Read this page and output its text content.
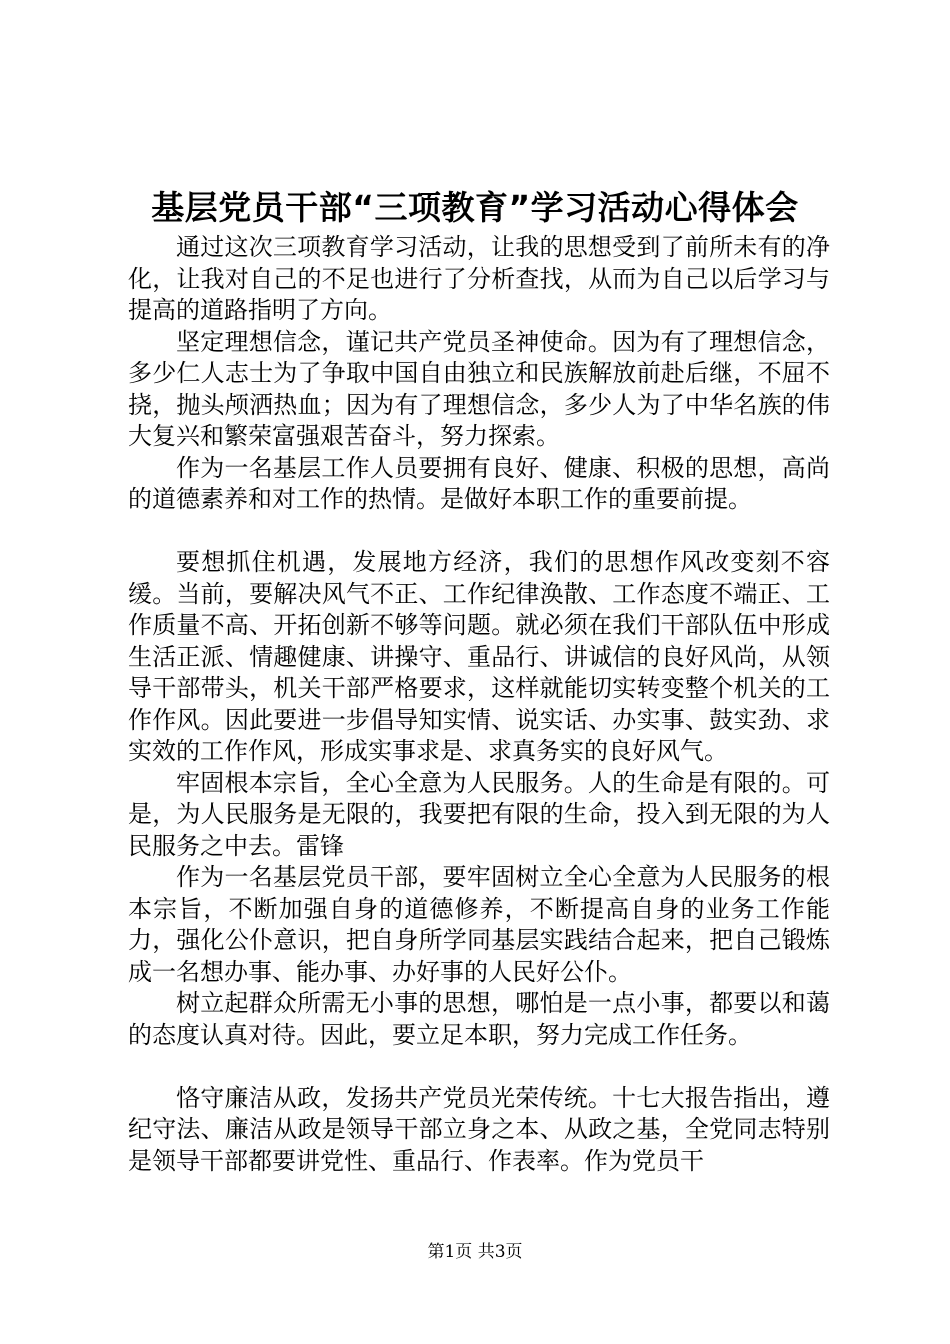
基层党员干部“三项教育”学习活动心得体会

通过这次三项教育学习活动，让我的思想受到了前所未有的净化，让我对自己的不足也进行了分析查找，从而为自己以后学习与提高的道路指明了方向。

坚定理想信念，谨记共产党员圣神使命。因为有了理想信念，多少仁人志士为了争取中国自由独立和民族解放前赴后继，不屈不挠，抛头颅洒热血；因为有了理想信念，多少人为了中华名族的伟大复兴和繁荣富强艰苦奋斗，努力探索。

作为一名基层工作人员要拥有良好、健康、积极的思想，高尚的道德素养和对工作的热情。是做好本职工作的重要前提。

要想抓住机遇，发展地方经济，我们的思想作风改变刻不容缓。当前，要解决风气不正、工作纪律涣散、工作态度不端正、工作质量不高、开拓创新不够等问题。就必须在我们干部队伍中形成生活正派、情趣健康、讲操守、重品行、讲诚信的良好风尚，从领导干部带头，机关干部严格要求，这样就能切实转变整个机关的工作作风。因此要进一步倡导知实情、说实话、办实事、鼓实劲、求实效的工作作风，形成实事求是、求真务实的良好风气。

牢固根本宗旨，全心全意为人民服务。人的生命是有限的。可是，为人民服务是无限的，我要把有限的生命，投入到无限的为人民服务之中去。雷锋

作为一名基层党员干部，要牢固树立全心全意为人民服务的根本宗旨，不断加强自身的道德修养，不断提高自身的业务工作能力，强化公仆意识，把自身所学同基层实践结合起来，把自己锻炼成一名想办事、能办事、办好事的人民好公仆。

树立起群众所需无小事的思想，哪怕是一点小事，都要以和蔼的态度认真对待。因此，要立足本职，努力完成工作任务。

恪守廉洁从政，发扬共产党员光荣传统。十七大报告指出，遵纪守法、廉洁从政是领导干部立身之本、从政之基，全党同志特别是领导干部都要讲党性、重品行、作表率。作为党员干

第1页 共3页
